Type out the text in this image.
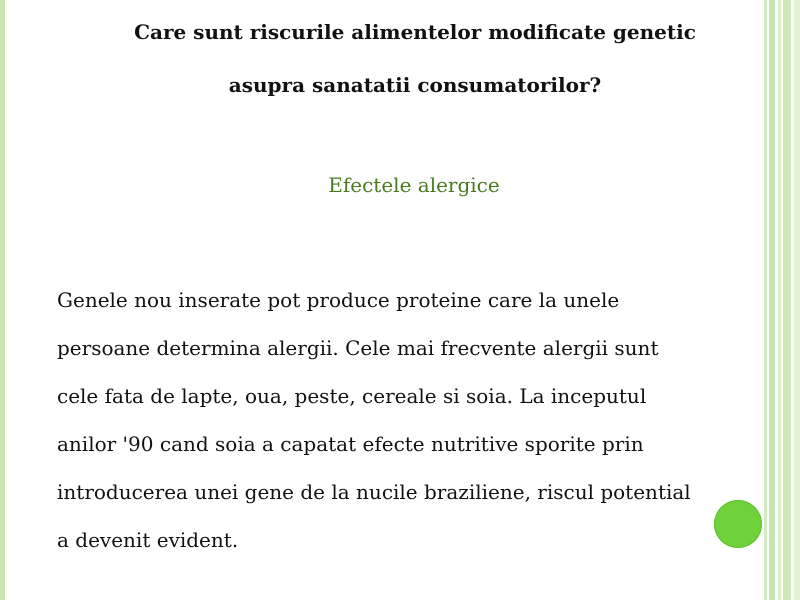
Care sunt riscurile alimentelor modificate genetic
asupra sanatatii consumatorilor?
Efectele alergice
Genele nou inserate pot produce proteine care la unele
persoane determina alergii. Cele mai frecvente alergii sunt
cele fata de lapte, oua, peste, cereale si soia. La inceputul
anilor '90 cand soia a capatat efecte nutritive sporite prin
introducerea unei gene de la nucile braziliene, riscul potential
a devenit evident.
